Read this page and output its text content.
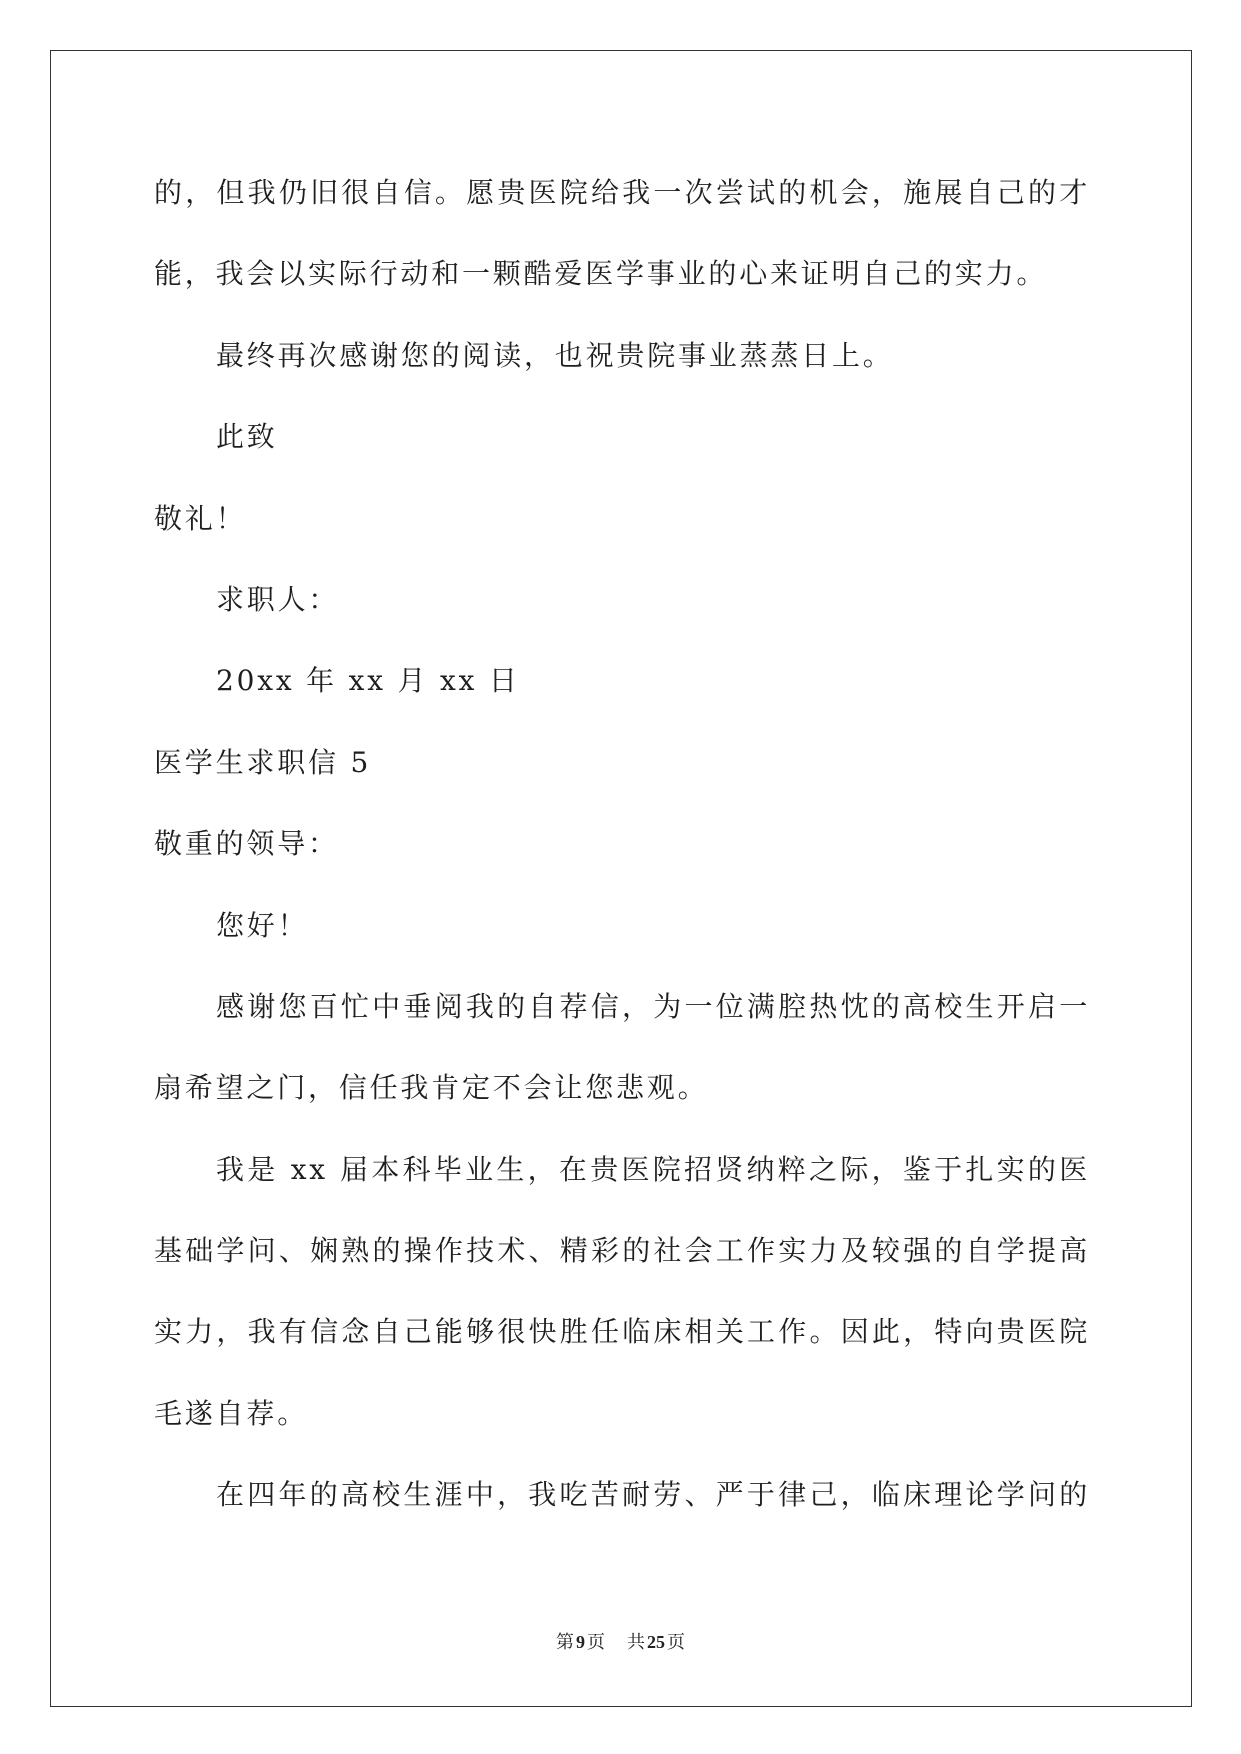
的，但我仍旧很自信。愿贵医院给我一次尝试的机会，施展自己的才
能，我会以实际行动和一颗酷爱医学事业的心来证明自己的实力。
最终再次感谢您的阅读，也祝贵院事业蒸蒸日上。
此致
敬礼！
求职人：
20xx 年 xx 月 xx 日
医学生求职信 5
敬重的领导：
您好！
感谢您百忙中垂阅我的自荐信，为一位满腔热忱的高校生开启一
扇希望之门，信任我肯定不会让您悲观。
我是 xx 届本科毕业生，在贵医院招贤纳粹之际，鉴于扎实的医
基础学问、娴熟的操作技术、精彩的社会工作实力及较强的自学提高
实力，我有信念自己能够很快胜任临床相关工作。因此，特向贵医院
毛遂自荐。
在四年的高校生涯中，我吃苦耐劳、严于律己，临床理论学问的
第 9 页 共 25 页
